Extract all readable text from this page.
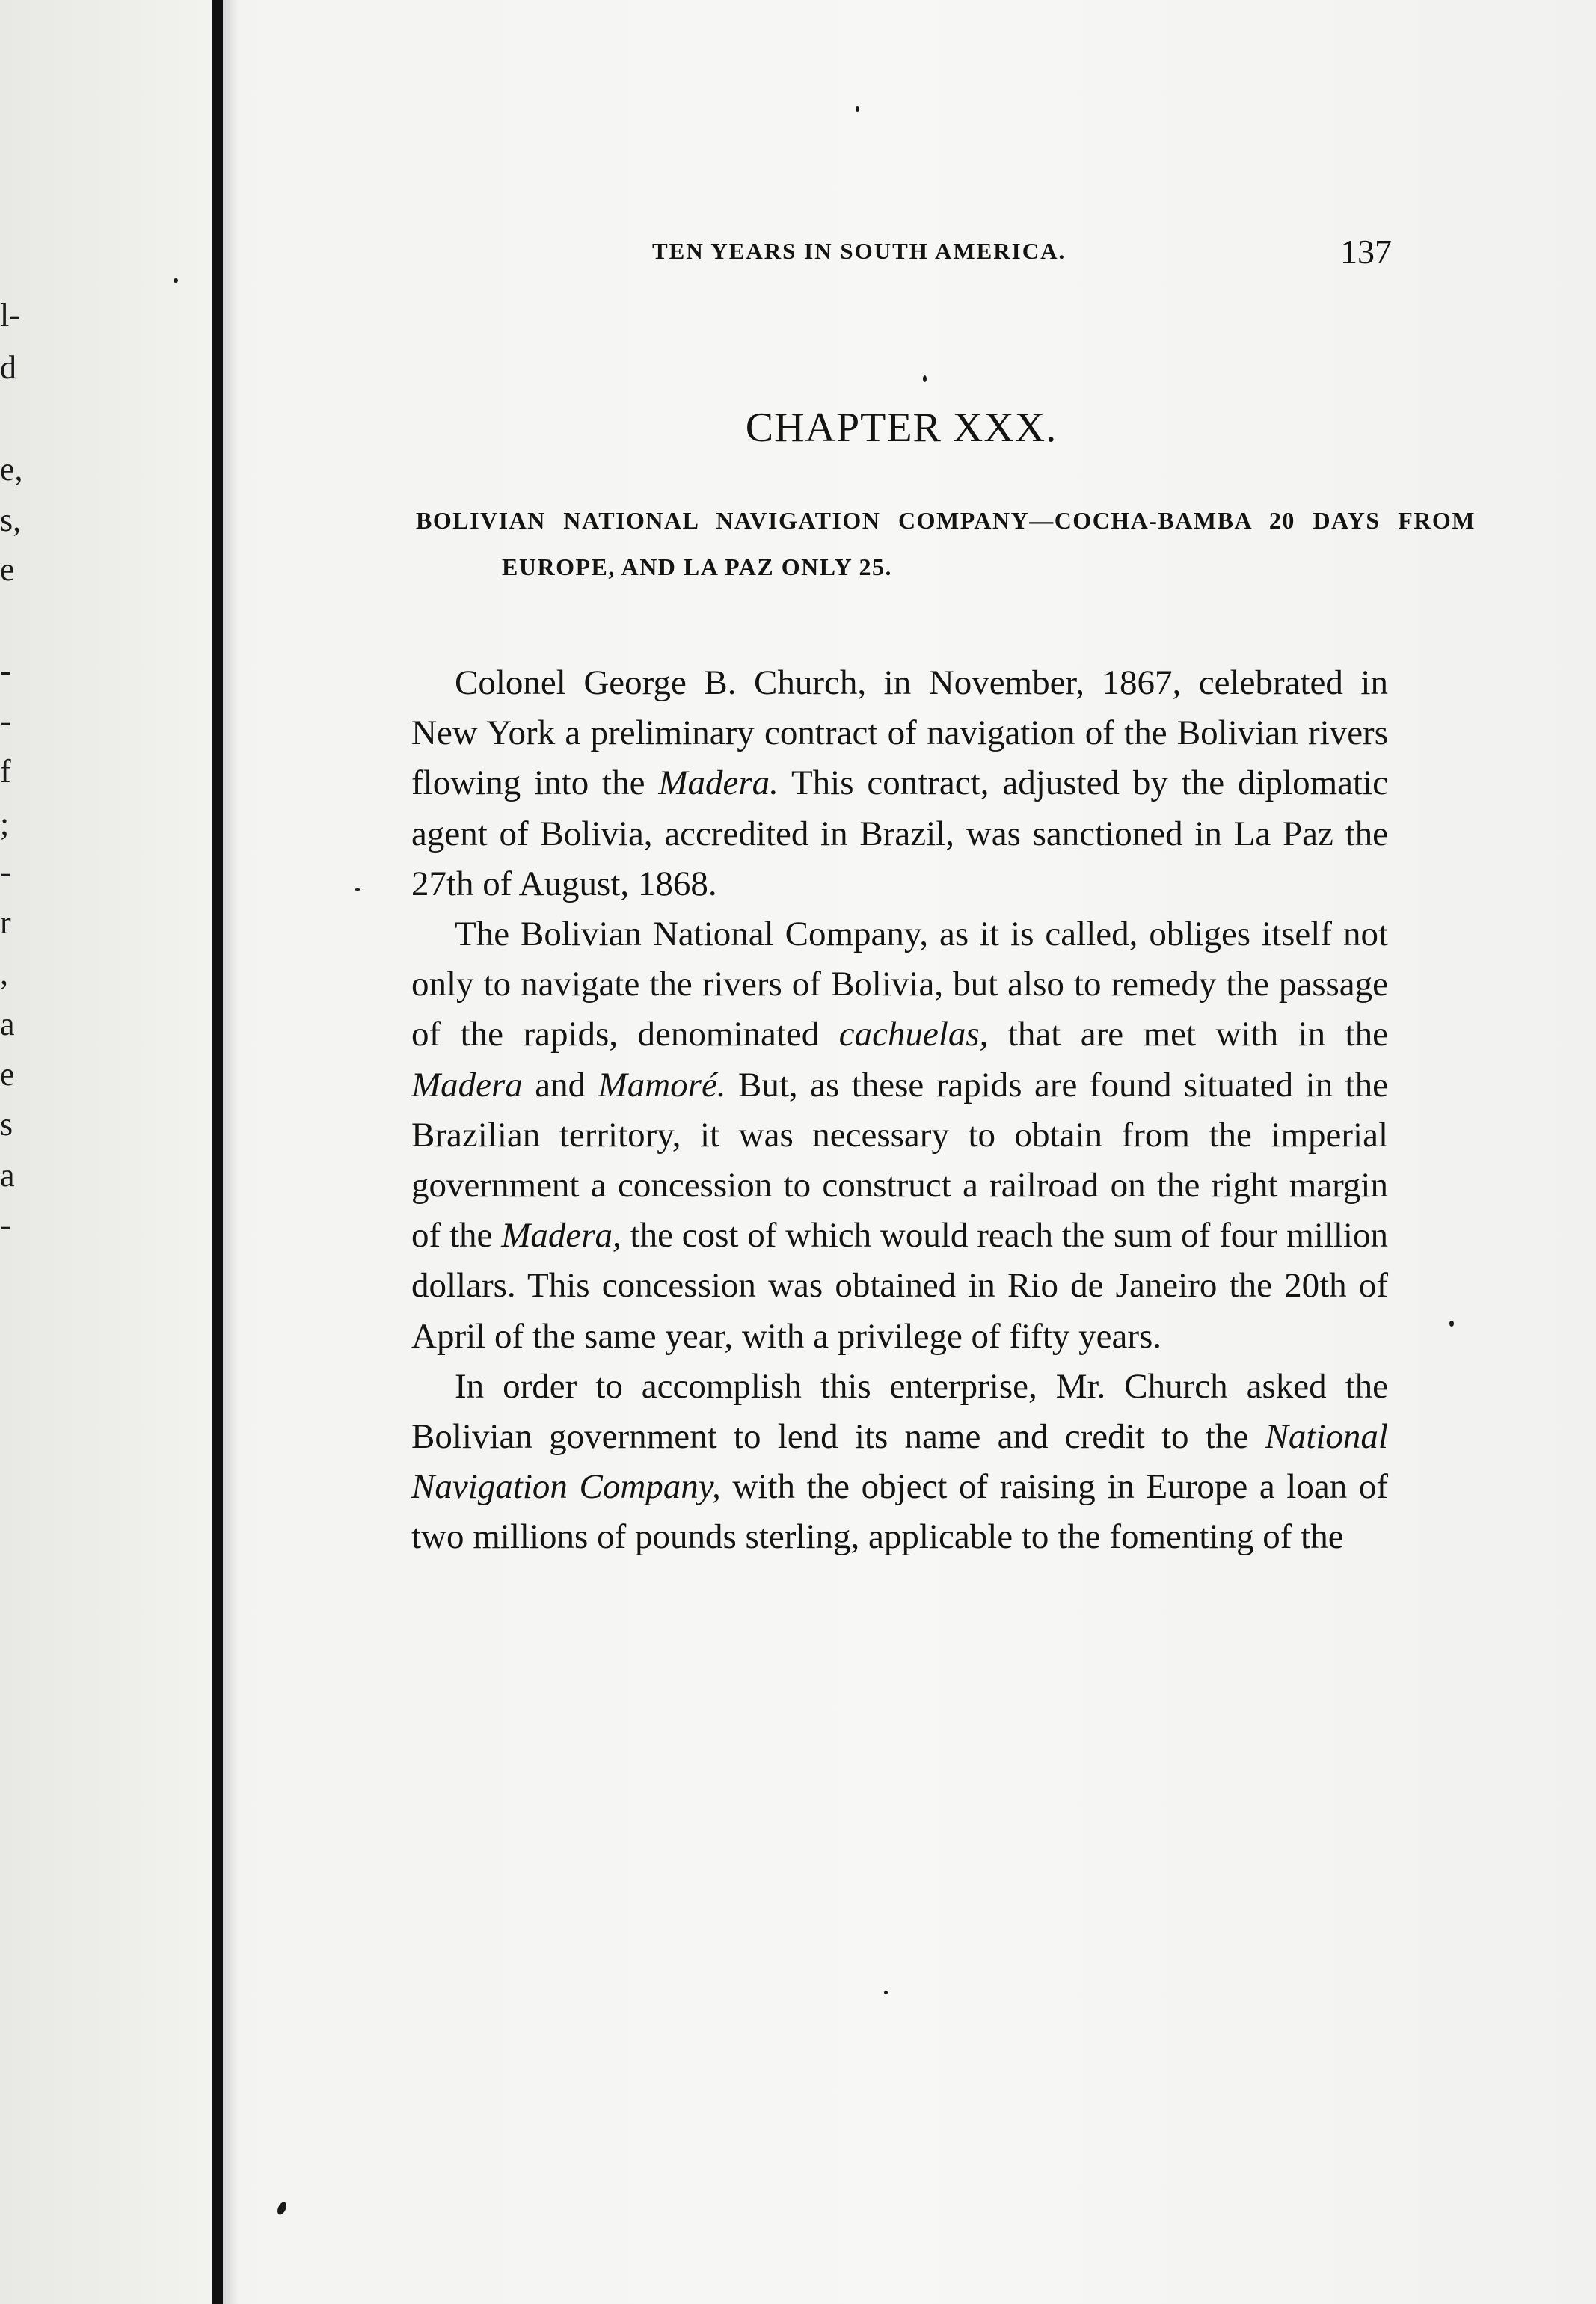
l-
d
e,
s,
e
-
-
f
;
-
r
,
a
e
s
a
-
TEN YEARS IN SOUTH AMERICA.	137
CHAPTER XXX.
BOLIVIAN NATIONAL NAVIGATION COMPANY—COCHA-BAMBA 20 DAYS FROM EUROPE, AND LA PAZ ONLY 25.

Colonel George B. Church, in November, 1867, celebrated in New York a preliminary contract of navigation of the Bolivian rivers flowing into the Madera. This contract, adjusted by the diplomatic agent of Bolivia, accredited in Brazil, was sanctioned in La Paz the 27th of August, 1868.

The Bolivian National Company, as it is called, obliges itself not only to navigate the rivers of Bolivia, but also to remedy the passage of the rapids, denominated cachuelas, that are met with in the Madera and Mamoré. But, as these rapids are found situated in the Brazilian territory, it was necessary to obtain from the imperial government a concession to construct a railroad on the right margin of the Madera, the cost of which would reach the sum of four million dollars. This concession was obtained in Rio de Janeiro the 20th of April of the same year, with a privilege of fifty years.

In order to accomplish this enterprise, Mr. Church asked the Bolivian government to lend its name and credit to the National Navigation Company, with the object of raising in Europe a loan of two millions of pounds sterling, applicable to the fomenting of the
